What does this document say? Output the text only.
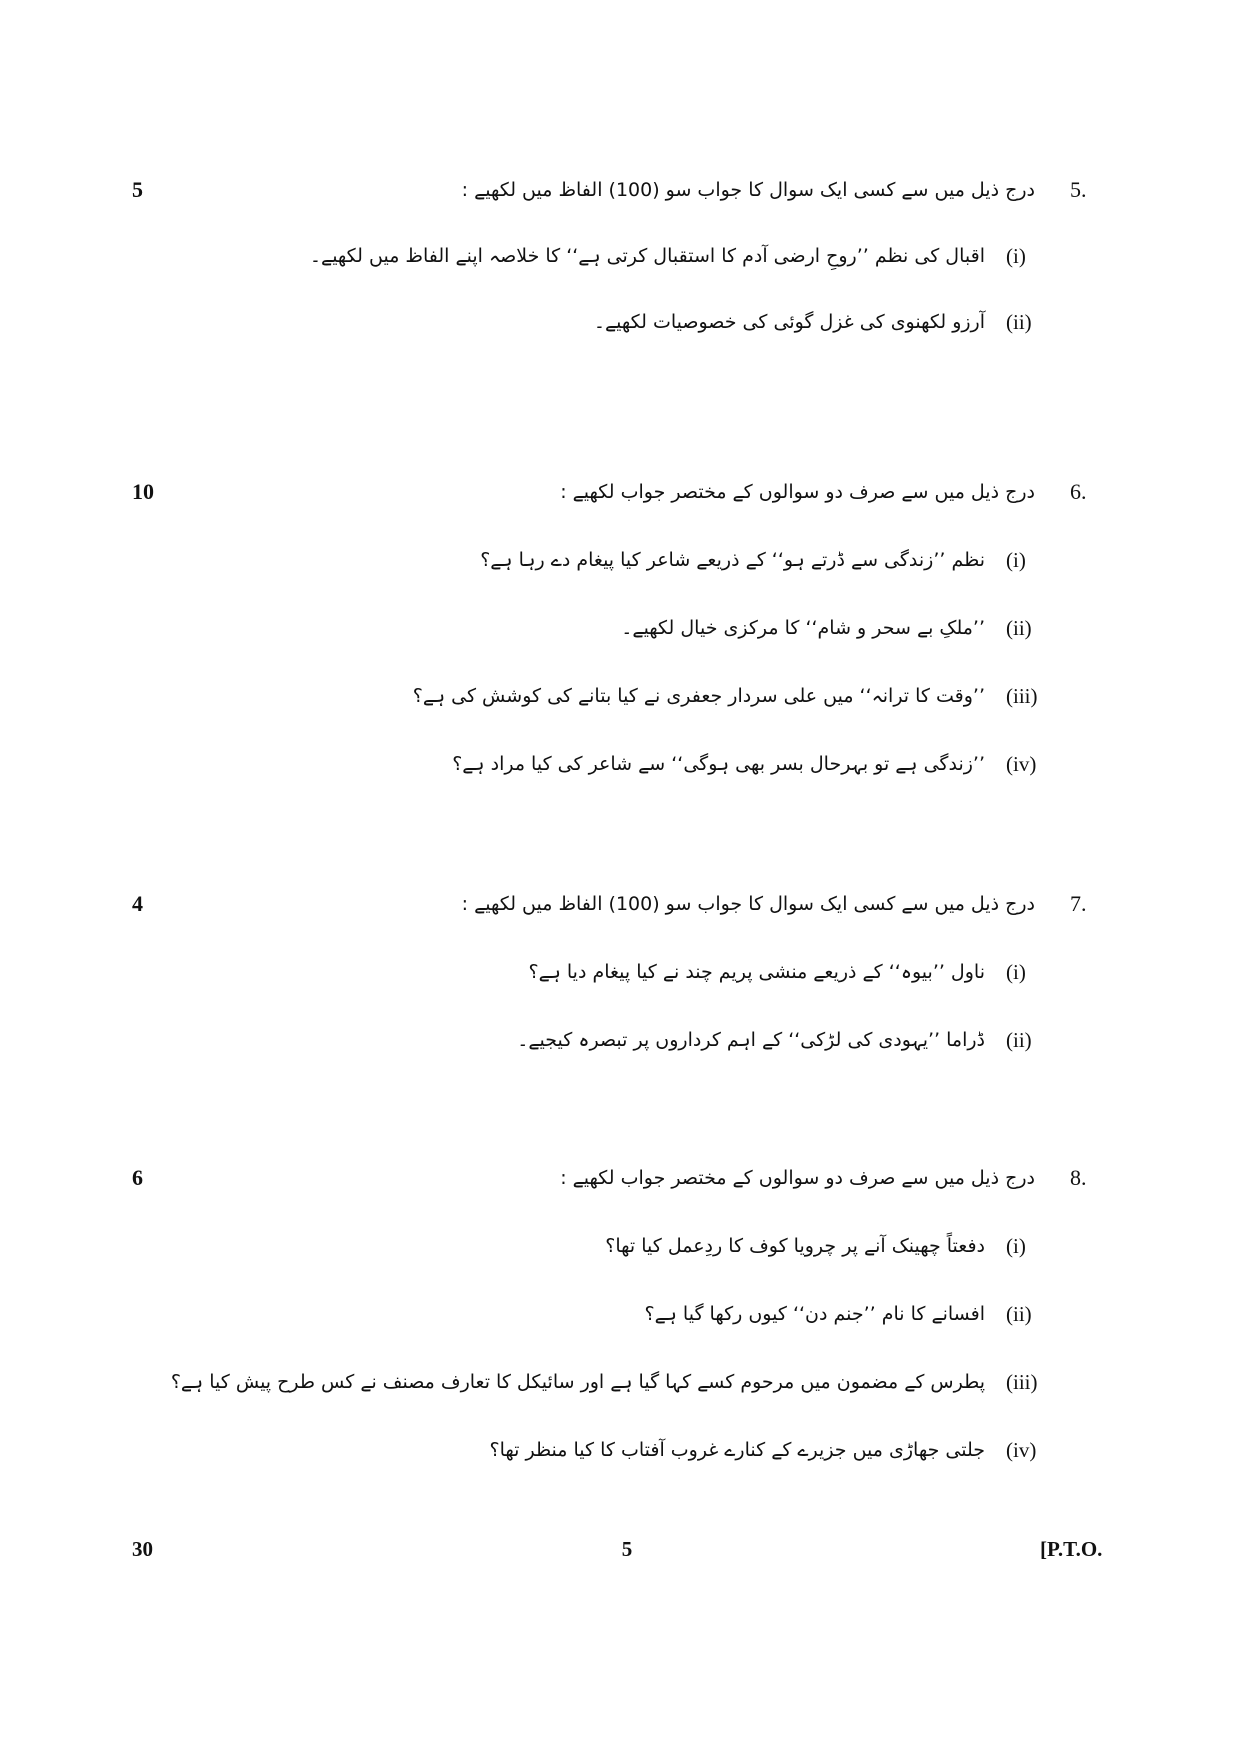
5	5.
درج ذیل میں سے کسی ایک سوال کا جواب سو (100) الفاظ میں لکھیے :
(i)
اقبال کی نظم ’’روحِ ارضی آدم کا استقبال کرتی ہے‘‘ کا خلاصہ اپنے الفاظ میں لکھیے۔
(ii)
آرزو لکھنوی کی غزل گوئی کی خصوصیات لکھیے۔
10	6.
درج ذیل میں سے صرف دو سوالوں کے مختصر جواب لکھیے :
(i)
نظم ’’زندگی سے ڈرتے ہو‘‘ کے ذریعے شاعر کیا پیغام دے رہا ہے؟
(ii)
’’ملکِ بے سحر و شام‘‘ کا مرکزی خیال لکھیے۔
(iii)
’’وقت کا ترانہ‘‘ میں علی سردار جعفری نے کیا بتانے کی کوشش کی ہے؟
(iv)
’’زندگی ہے تو بہرحال بسر بھی ہوگی‘‘ سے شاعر کی کیا مراد ہے؟
4	7.
درج ذیل میں سے کسی ایک سوال کا جواب سو (100) الفاظ میں لکھیے :
(i)
ناول ’’بیوہ‘‘ کے ذریعے منشی پریم چند نے کیا پیغام دیا ہے؟
(ii)
ڈراما ’’یہودی کی لڑکی‘‘ کے اہم کرداروں پر تبصرہ کیجیے۔
6	8.
درج ذیل میں سے صرف دو سوالوں کے مختصر جواب لکھیے :
(i)
دفعتاً چھینک آنے پر چرویا کوف کا ردِعمل کیا تھا؟
(ii)
افسانے کا نام ’’جنم دن‘‘ کیوں رکھا گیا ہے؟
(iii)
پطرس کے مضمون میں مرحوم کسے کہا گیا ہے اور سائیکل کا تعارف مصنف نے کس طرح پیش کیا ہے؟
(iv)
جلتی جھاڑی میں جزیرے کے کنارے غروب آفتاب کا کیا منظر تھا؟
30	5	[P.T.O.
